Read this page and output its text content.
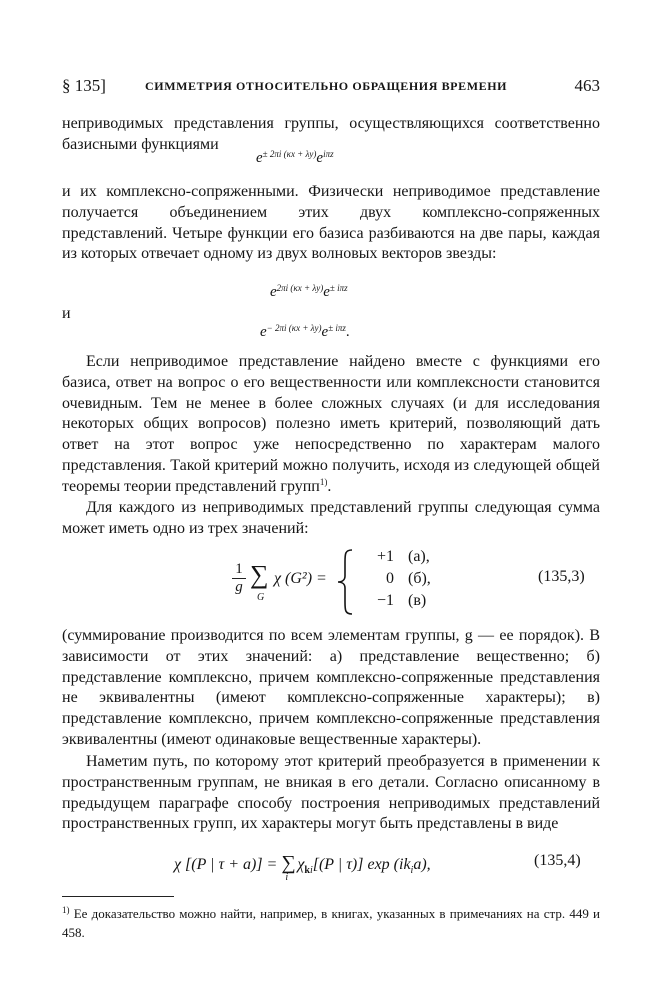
§ 135]	СИММЕТРИЯ ОТНОСИТЕЛЬНО ОБРАЩЕНИЯ ВРЕМЕНИ	463

неприводимых представления группы, осуществляющихся соответственно базисными функциями

$e^{\pm 2\pi i (\kappa x + \lambda y)}e^{i\pi z}$

и их комплексно-сопряженными. Физически неприводимое представление получается объединением этих двух комплексно-сопряженных представлений. Четыре функции его базиса разбиваются на две пары, каждая из которых отвечает одному из двух волновых векторов звезды:

$e^{2\pi i (\kappa x + \lambda y)}e^{\pm i\pi z}$

и

$e^{- 2\pi i (\kappa x + \lambda y)}e^{\pm i\pi z}$.

Если неприводимое представление найдено вместе с функциями его базиса, ответ на вопрос о его вещественности или комплексности становится очевидным. Тем не менее в более сложных случаях (и для исследования некоторых общих вопросов) полезно иметь критерий, позволяющий дать ответ на этот вопрос уже непосредственно по характерам малого представления. Такой критерий можно получить, исходя из следующей общей теоремы теории представлений групп$^{1)}$.

Для каждого из неприводимых представлений группы следующая сумма может иметь одно из трех значений:

1
g ∑
G
χ (G²) =
+1 (а),
0 (б),
−1 (в)
(135,3)

(суммирование производится по всем элементам группы, g — ее порядок). В зависимости от этих значений: а) представление вещественно; б) представление комплексно, причем комплексно-сопряженные представления не эквивалентны (имеют комплексно-сопряженные характеры); в) представление комплексно, причем комплексно-сопряженные представления эквивалентны (имеют одинаковые вещественные характеры).

Наметим путь, по которому этот критерий преобразуется в применении к пространственным группам, не вникая в его детали. Согласно описанному в предыдущем параграфе способу построения неприводимых представлений пространственных групп, их характеры могут быть представлены в виде

χ [(P | τ + a)] = ∑
i
$\chi_{ki}[(P$ | τ)] $\exp (ik_ia)$,	(135,4)

$^{1)}$ Ее доказательство можно найти, например, в книгах, указанных в примечаниях на стр. 449 и 458.
